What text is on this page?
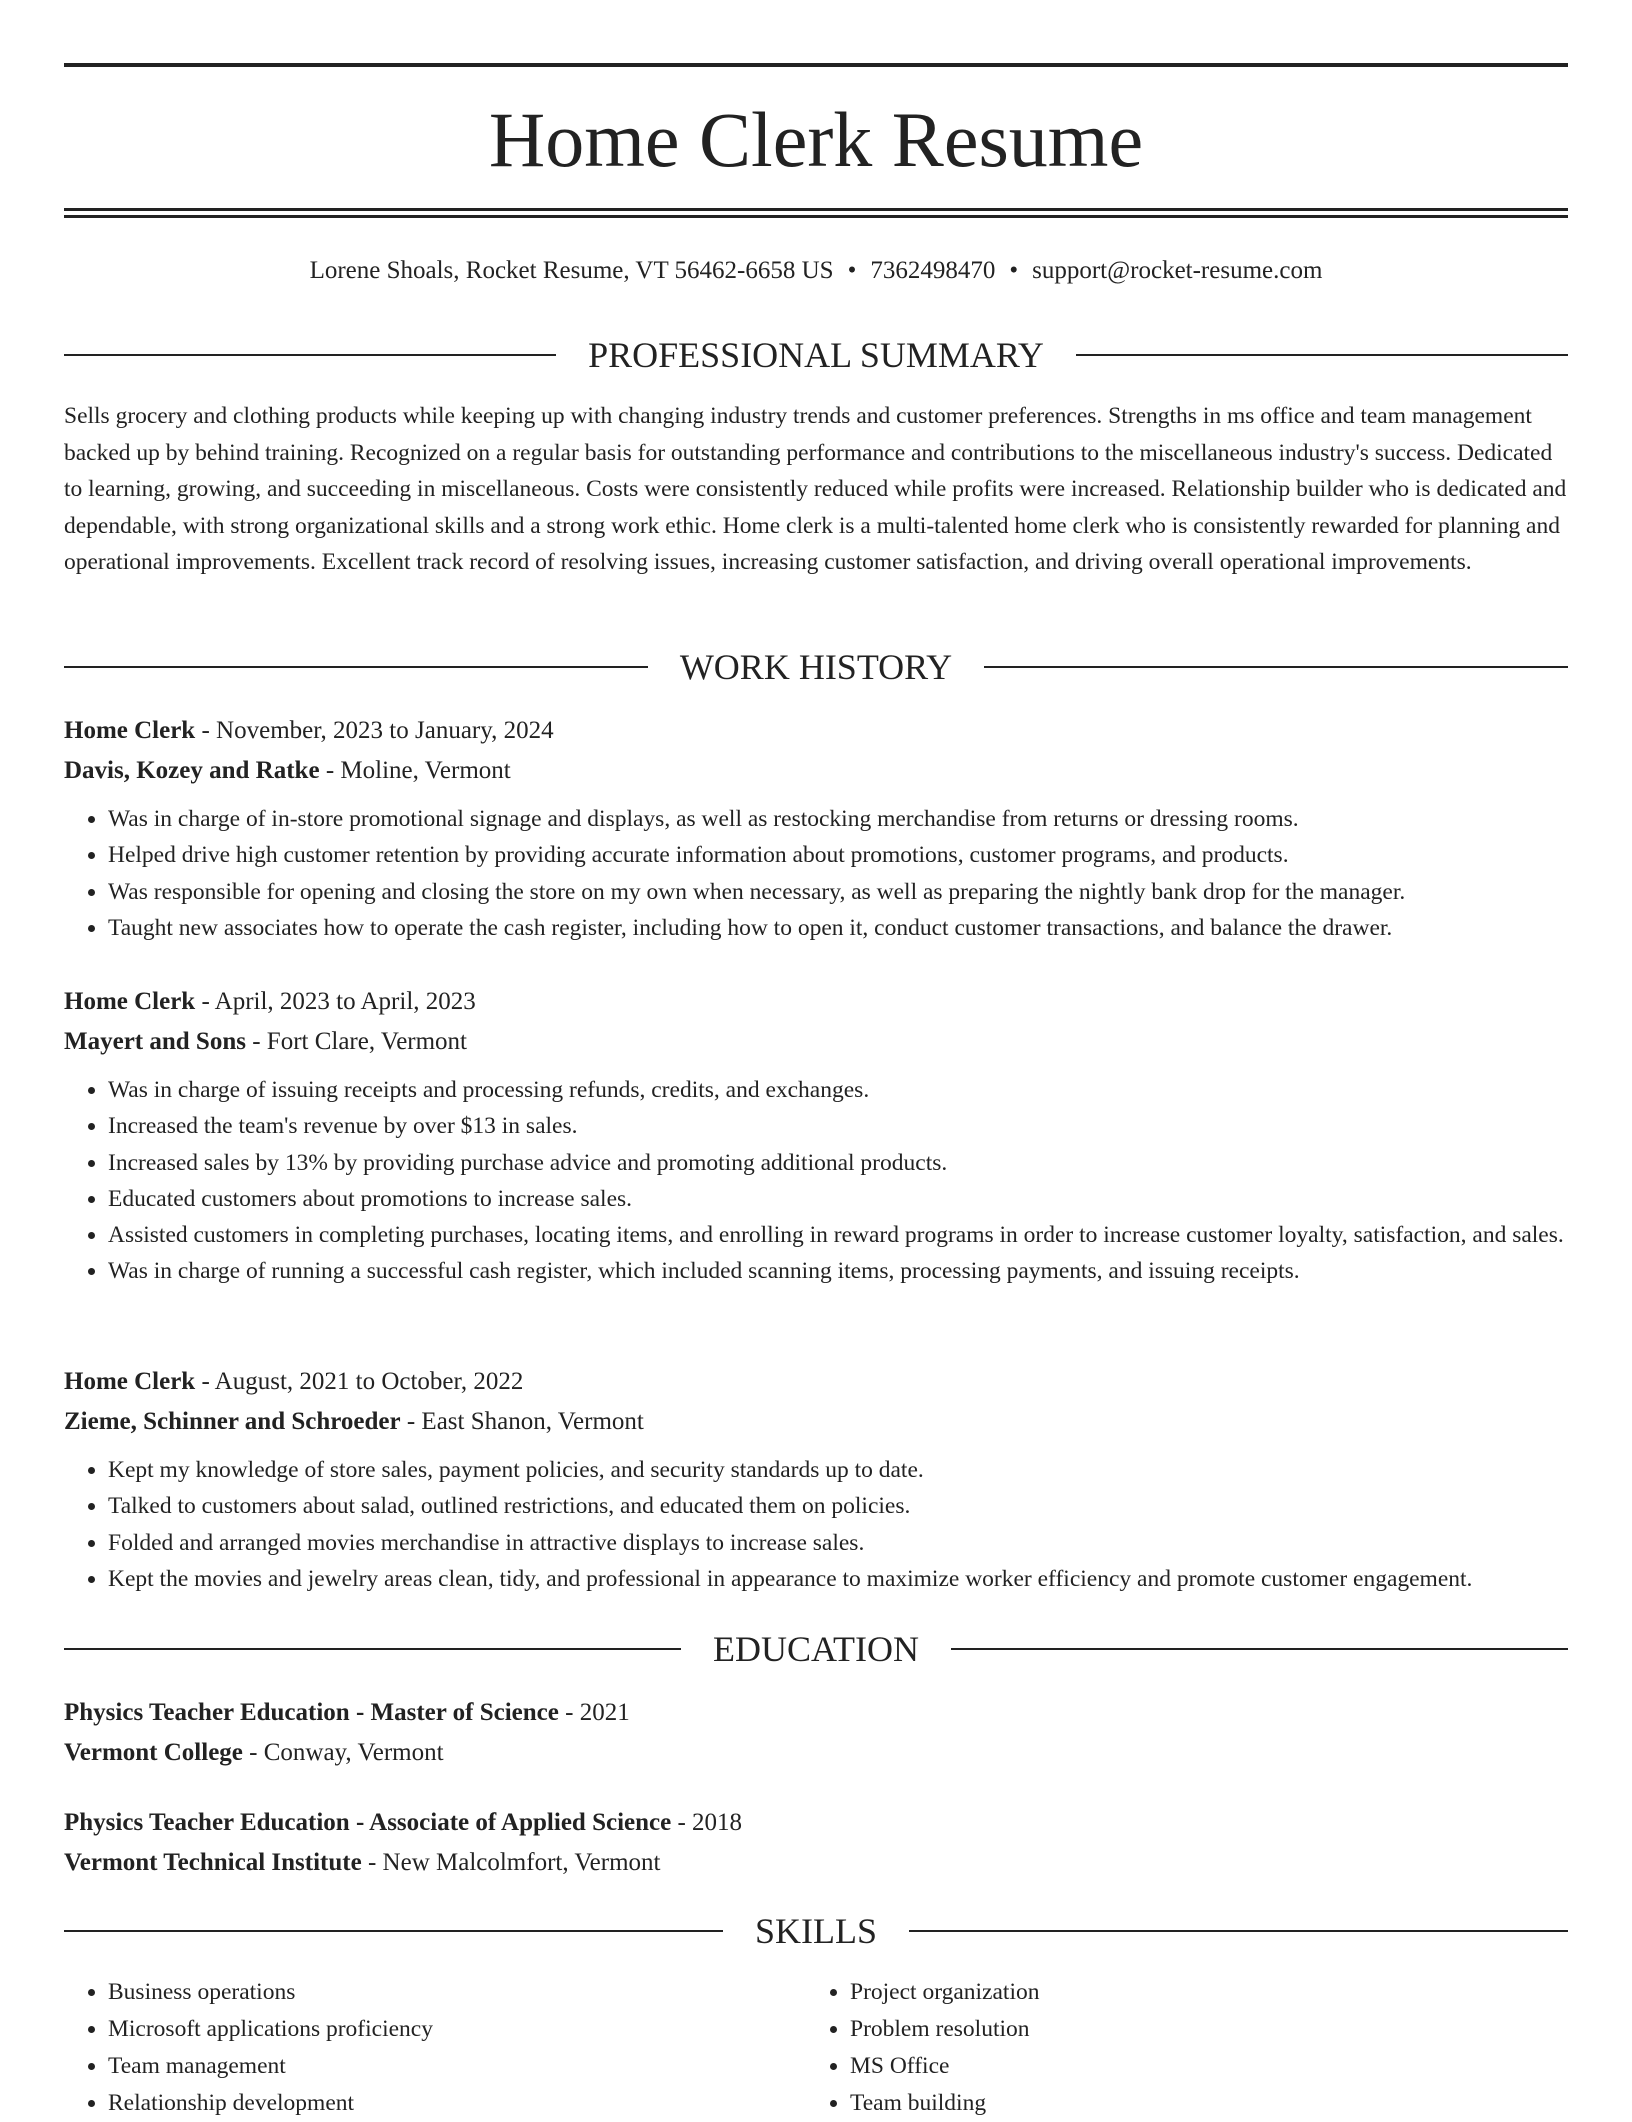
Home Clerk Resume
Lorene Shoals, Rocket Resume, VT 56462-6658 US • 7362498470 • support@rocket-resume.com
PROFESSIONAL SUMMARY

Sells grocery and clothing products while keeping up with changing industry trends and customer preferences. Strengths in ms office and team management backed up by behind training. Recognized on a regular basis for outstanding performance and contributions to the miscellaneous industry's success. Dedicated to learning, growing, and succeeding in miscellaneous. Costs were consistently reduced while profits were increased. Relationship builder who is dedicated and dependable, with strong organizational skills and a strong work ethic. Home clerk is a multi-talented home clerk who is consistently rewarded for planning and operational improvements. Excellent track record of resolving issues, increasing customer satisfaction, and driving overall operational improvements.

WORK HISTORY

Home Clerk - November, 2023 to January, 2024

Davis, Kozey and Ratke - Moline, Vermont

• Was in charge of in-store promotional signage and displays, as well as restocking merchandise from returns or dressing rooms.
• Helped drive high customer retention by providing accurate information about promotions, customer programs, and products.
• Was responsible for opening and closing the store on my own when necessary, as well as preparing the nightly bank drop for the manager.
• Taught new associates how to operate the cash register, including how to open it, conduct customer transactions, and balance the drawer.

Home Clerk - April, 2023 to April, 2023

Mayert and Sons - Fort Clare, Vermont

• Was in charge of issuing receipts and processing refunds, credits, and exchanges.
• Increased the team's revenue by over $13 in sales.
• Increased sales by 13% by providing purchase advice and promoting additional products.
• Educated customers about promotions to increase sales.
• Assisted customers in completing purchases, locating items, and enrolling in reward programs in order to increase customer loyalty, satisfaction, and sales.
• Was in charge of running a successful cash register, which included scanning items, processing payments, and issuing receipts.

Home Clerk - August, 2021 to October, 2022

Zieme, Schinner and Schroeder - East Shanon, Vermont

• Kept my knowledge of store sales, payment policies, and security standards up to date.
• Talked to customers about salad, outlined restrictions, and educated them on policies.
• Folded and arranged movies merchandise in attractive displays to increase sales.
• Kept the movies and jewelry areas clean, tidy, and professional in appearance to maximize worker efficiency and promote customer engagement.
EDUCATION

Physics Teacher Education - Master of Science - 2021

Vermont College - Conway, Vermont

Physics Teacher Education - Associate of Applied Science - 2018

Vermont Technical Institute - New Malcolmfort, Vermont

SKILLS
• Business operations
• Microsoft applications proficiency
• Team management
• Relationship development
• Project organization
• Problem resolution
• MS Office
• Team building
